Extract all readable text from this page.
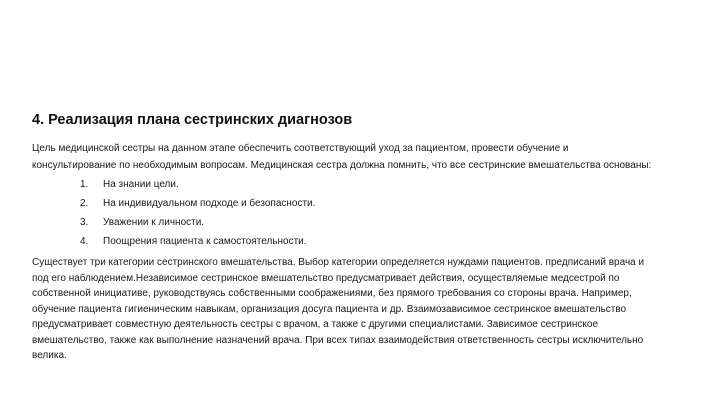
4. Реализация плана сестринских диагнозов

Цель медицинской сестры на данном этапе обеспечить соответствующий уход за пациентом, провести обучение и
консультирование по необходимым вопросам. Медицинская сестра должна помнить, что все сестринские вмешательства основаны:

1. На знании цели.
2. На индивидуальном подходе и безопасности.
3. Уважении к личности.
4. Поощрения пациента к самостоятельности.

Существует три категории сестринского вмешательства. Выбор категории определяется нуждами пациентов. предписаний врача и
под его наблюдением.Независимое сестринское вмешательство предусматривает действия, осуществляемые медсестрой по
собственной инициативе, руководствуясь собственными соображениями, без прямого требования со стороны врача. Например,
обучение пациента гигиеническим навыкам, организация досуга пациента и др. Взаимозависимое сестринское вмешательство
предусматривает совместную деятельность сестры с врачом, а также с другими специалистами. Зависимое сестринское
вмешательство, также как выполнение назначений врача. При всех типах взаимодействия ответственность сестры исключительно
велика.
